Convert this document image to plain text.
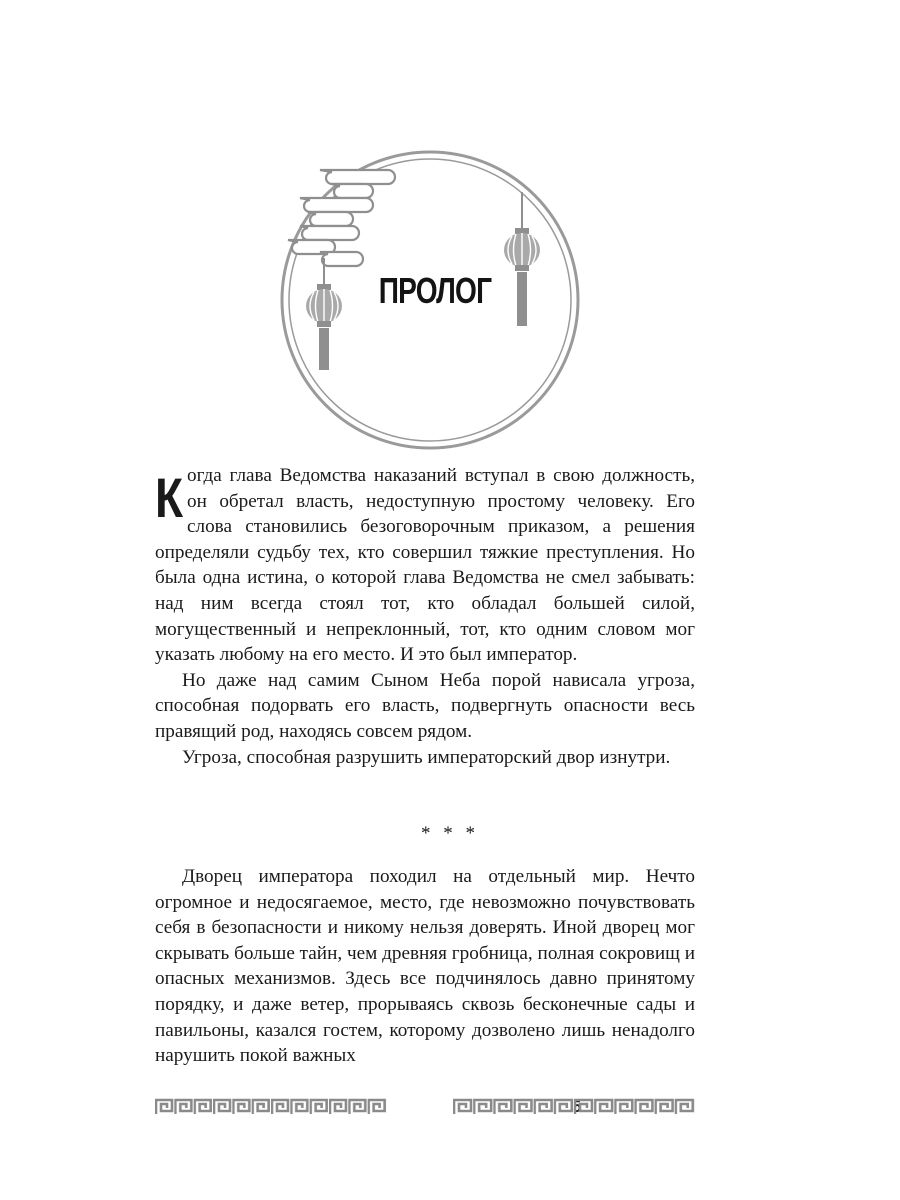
ПРОЛОГ

Когда глава Ведомства наказаний вступал в свою должность, он обретал власть, недоступную простому человеку. Его слова становились безоговорочным приказом, а решения определяли судьбу тех, кто совершил тяжкие преступления. Но была одна истина, о которой глава Ведомства не смел забывать: над ним всегда стоял тот, кто обладал большей силой, могущественный и непреклонный, тот, кто одним словом мог указать любому на его место. И это был император.

Но даже над самим Сыном Неба порой нависала угроза, способная подорвать его власть, подвергнуть опасности весь правящий род, находясь совсем рядом.

Угроза, способная разрушить императорский двор изнутри.

* * *

Дворец императора походил на отдельный мир. Нечто огромное и недосягаемое, место, где невозможно почувствовать себя в безопасности и никому нельзя доверять. Иной дворец мог скрывать больше тайн, чем древняя гробница, полная сокровищ и опасных механизмов. Здесь все подчинялось давно принятому порядку, и даже ветер, прорываясь сквозь бесконечные сады и павильоны, казался гостем, которому дозволено лишь ненадолго нарушить покой важных
